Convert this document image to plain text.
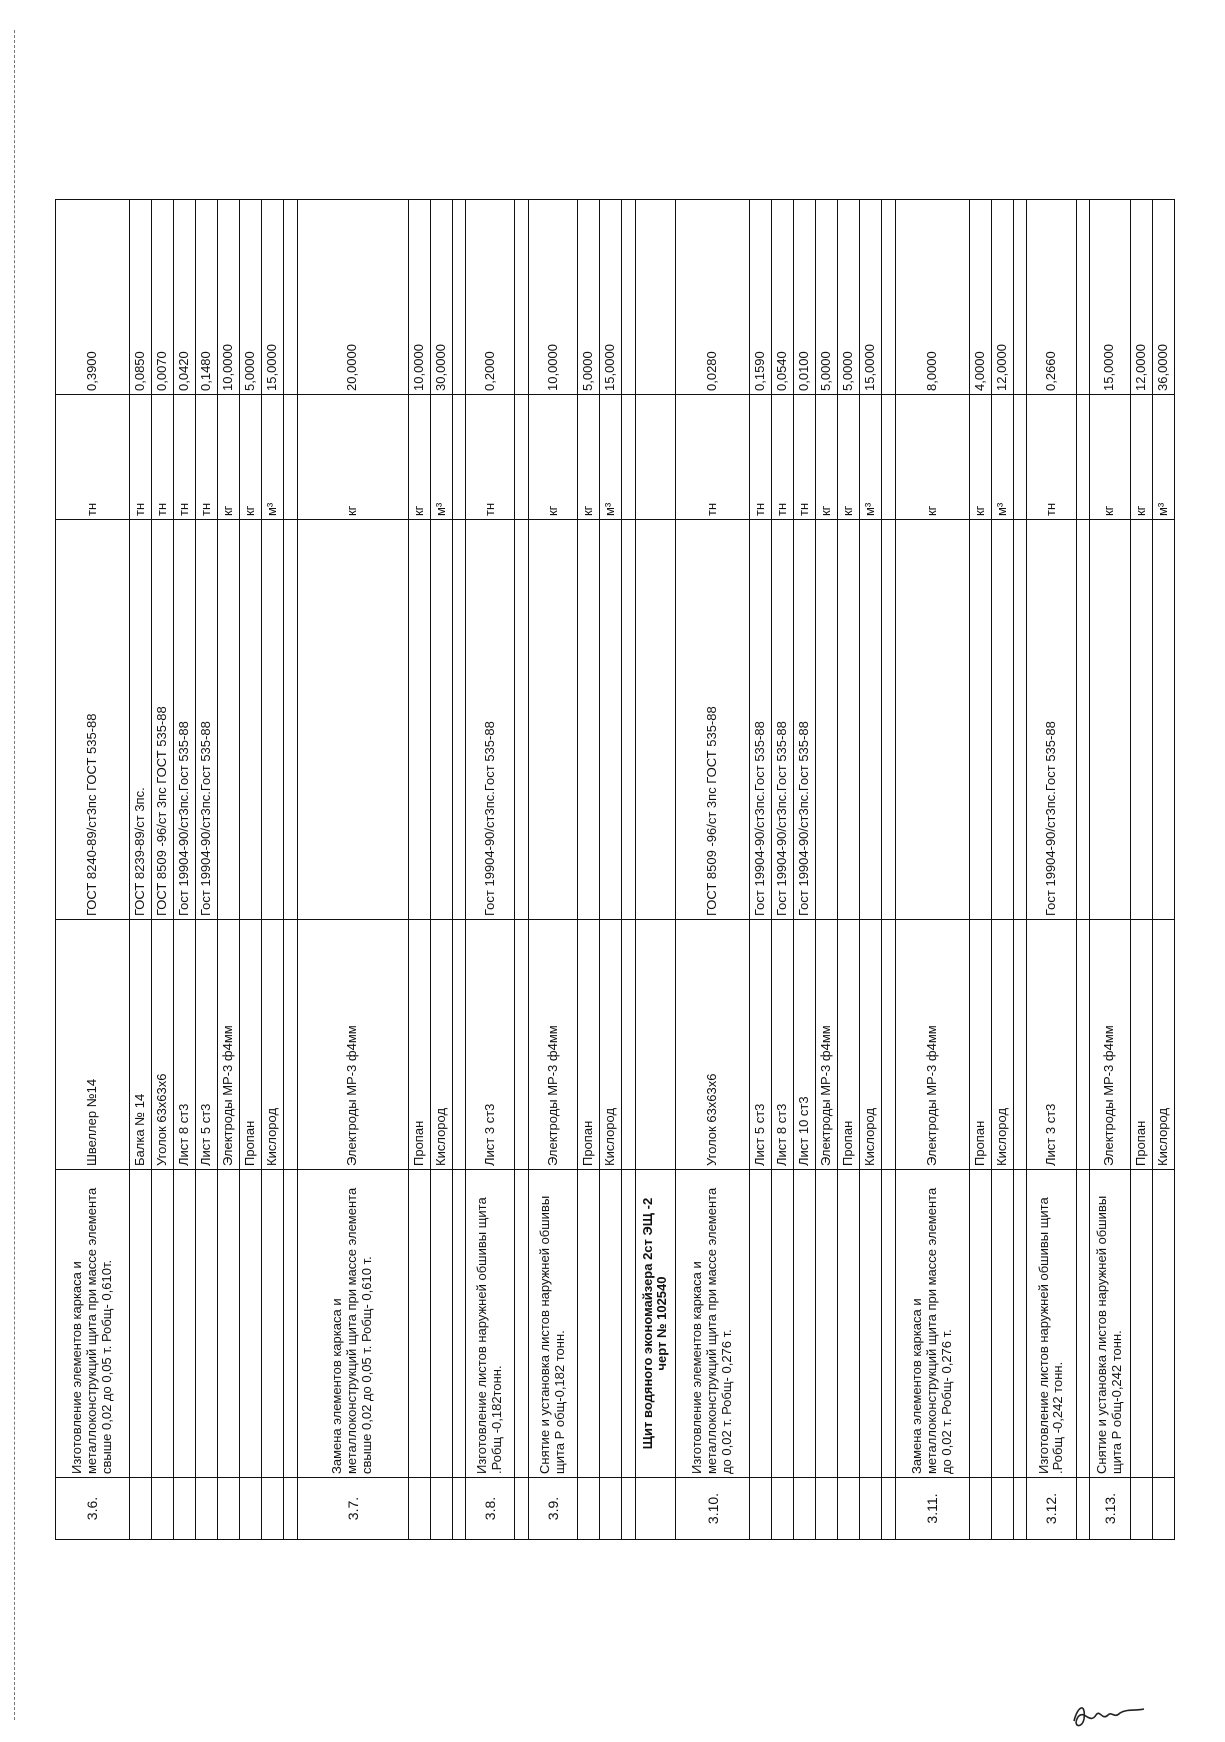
3.6.	Изготовление элементов каркаса и металлоконструкций щита при массе элемента свыше 0,02 до 0,05 т. Робщ- 0,610т.	Швеллер №14	ГОСТ 8240-89/ст3пс ГОСТ 535-88	тн	0,3900
		Балка № 14	ГОСТ 8239-89/ст 3пс.	тн	0,0850
		Уголок 63х63х6	ГОСТ 8509 -96/ст 3пс ГОСТ 535-88	тн	0,0070
		Лист 8 ст3	Гост 19904-90/ст3пс.Гост 535-88	тн	0,0420
		Лист 5 ст3	Гост 19904-90/ст3пс.Гост 535-88	тн	0,1480
		Электроды МР-3 ф4мм		кг	10,0000
		Пропан		кг	5,0000
		Кислород		м³	15,0000

3.7.	Замена элементов каркаса и металлоконструкций щита при массе элемента свыше 0,02 до 0,05 т. Робщ- 0,610 т.	Электроды МР-3 ф4мм		кг	20,0000
		Пропан		кг	10,0000
		Кислород		м³	30,0000

3.8.	Изготовление листов наружней обшивы щита .Робщ -0,182тонн.	Лист 3 ст3	Гост 19904-90/ст3пс.Гост 535-88	тн	0,2000

3.9.	Снятие и установка листов наружней обшивы щита Р общ-0,182 тонн.	Электроды МР-3 ф4мм		кг	10,0000
		Пропан		кг	5,0000
		Кислород		м³	15,0000

	Щит водяного экономайзера 2ст ЭЩ -2 черт № 102540				

3.10.	Изготовление элементов каркаса и металлоконструкций щита при массе элемента до 0,02 т. Робщ- 0,276 т.	Уголок 63х63х6	ГОСТ 8509 -96/ст 3пс ГОСТ 535-88	тн	0,0280
		Лист 5 ст3	Гост 19904-90/ст3пс.Гост 535-88	тн	0,1590
		Лист 8 ст3	Гост 19904-90/ст3пс.Гост 535-88	тн	0,0540
		Лист 10 ст3	Гост 19904-90/ст3пс.Гост 535-88	тн	0,0100
		Электроды МР-3 ф4мм		кг	5,0000
		Пропан		кг	5,0000
		Кислород		м³	15,0000

3.11.	Замена элементов каркаса и металлоконструкций щита при массе элемента до 0,02 т. Робщ- 0,276 т.	Электроды МР-3 ф4мм		кг	8,0000
		Пропан		кг	4,0000
		Кислород		м³	12,0000

3.12.	Изготовление листов наружней обшивы щита .Робщ -0,242 тонн.	Лист 3 ст3	Гост 19904-90/ст3пс.Гост 535-88	тн	0,2660

3.13.	Снятие и установка листов наружней обшивы щита Р общ-0,242 тонн.	Электроды МР-3 ф4мм		кг	15,0000
		Пропан		кг	12,0000
		Кислород		м³	36,0000
